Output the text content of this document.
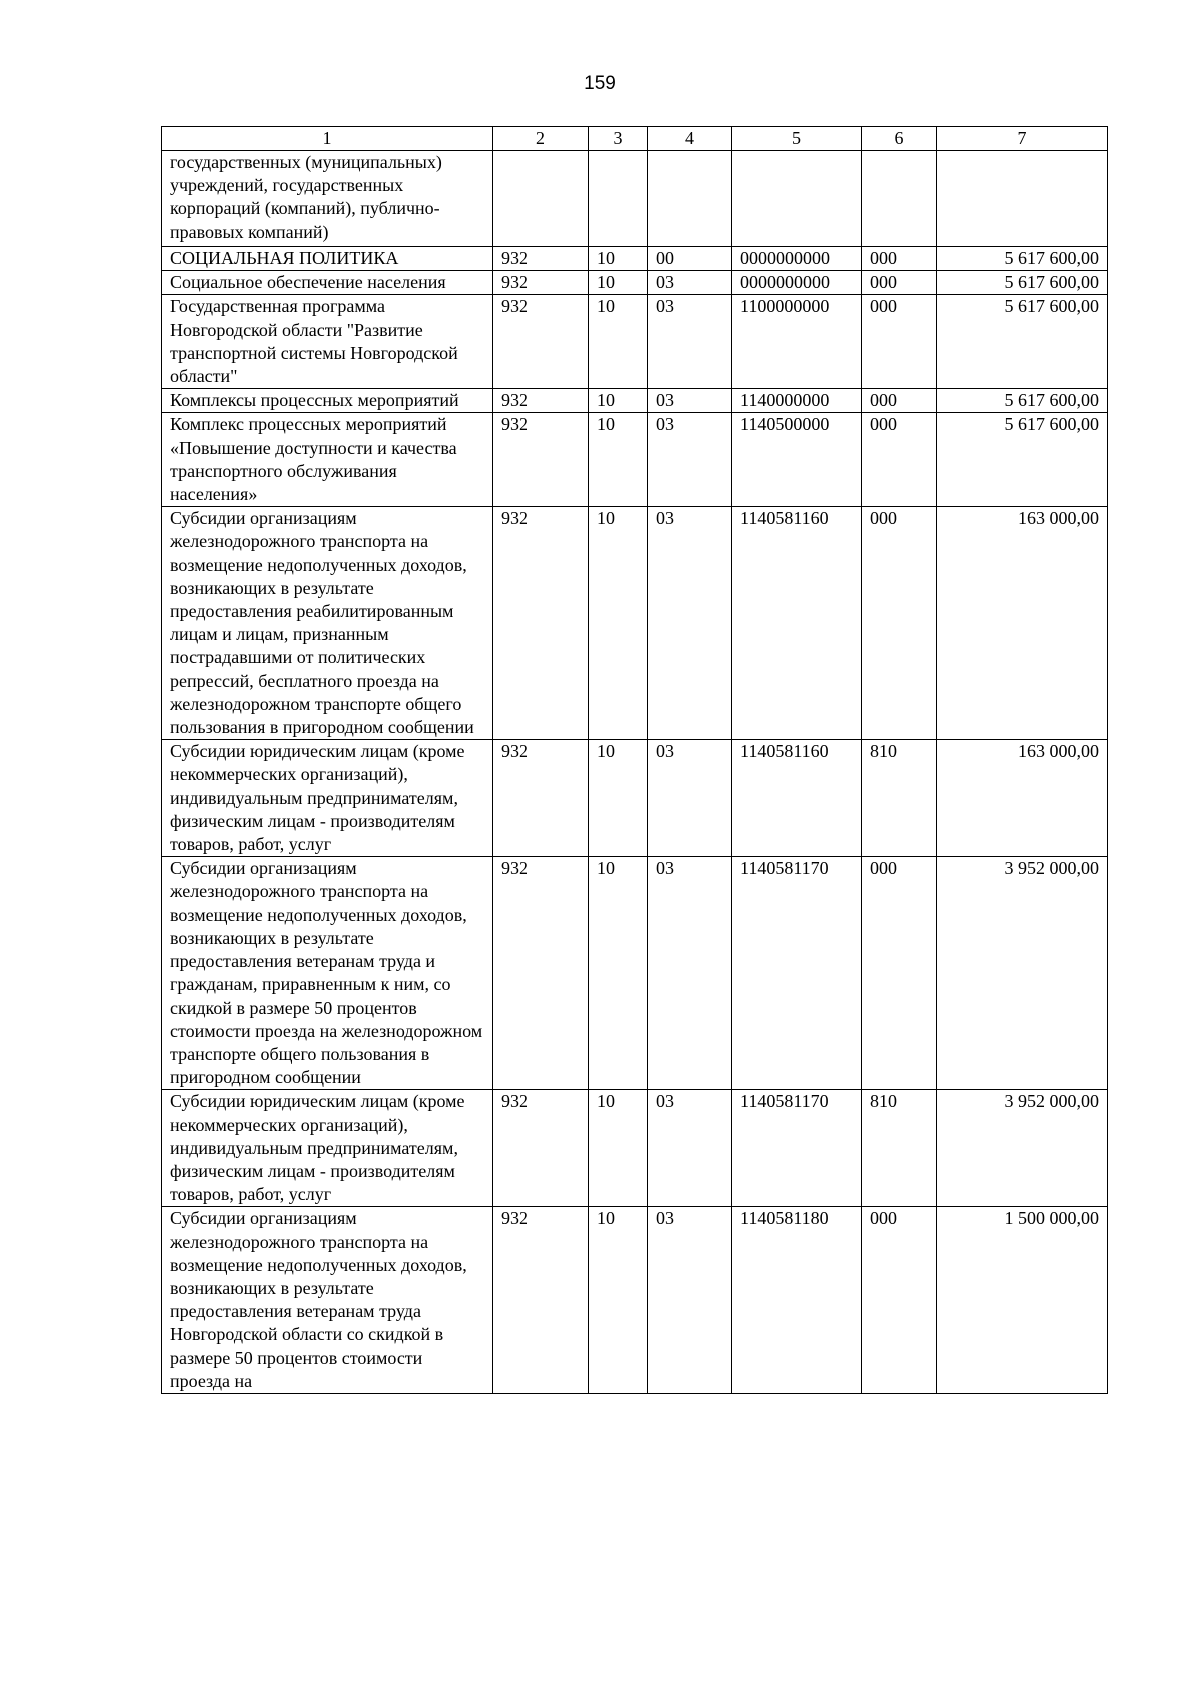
159
1	2	3	4	5	6	7
государственных (муниципальных) учреждений, государственных корпораций (компаний), публично-правовых компаний)						
СОЦИАЛЬНАЯ ПОЛИТИКА	932	10	00	0000000000	000	5 617 600,00
Социальное обеспечение населения	932	10	03	0000000000	000	5 617 600,00
Государственная программа Новгородской области "Развитие транспортной системы Новгородской области"	932	10	03	1100000000	000	5 617 600,00
Комплексы процессных мероприятий	932	10	03	1140000000	000	5 617 600,00
Комплекс процессных мероприятий «Повышение доступности и качества транспортного обслуживания населения»	932	10	03	1140500000	000	5 617 600,00
Субсидии организациям железнодорожного транспорта на возмещение недополученных доходов, возникающих в результате предоставления реабилитированным лицам и лицам, признанным пострадавшими от политических репрессий, бесплатного проезда на железнодорожном транспорте общего пользования в пригородном сообщении	932	10	03	1140581160	000	163 000,00
Субсидии юридическим лицам (кроме некоммерческих организаций), индивидуальным предпринимателям, физическим лицам - производителям товаров, работ, услуг	932	10	03	1140581160	810	163 000,00
Субсидии организациям железнодорожного транспорта на возмещение недополученных доходов, возникающих в результате предоставления ветеранам труда и гражданам, приравненным к ним, со скидкой в размере 50 процентов стоимости проезда на железнодорожном транспорте общего пользования в пригородном сообщении	932	10	03	1140581170	000	3 952 000,00
Субсидии юридическим лицам (кроме некоммерческих организаций), индивидуальным предпринимателям, физическим лицам - производителям товаров, работ, услуг	932	10	03	1140581170	810	3 952 000,00
Субсидии организациям железнодорожного транспорта на возмещение недополученных доходов, возникающих в результате предоставления ветеранам труда Новгородской области со скидкой в размере 50 процентов стоимости проезда на	932	10	03	1140581180	000	1 500 000,00
